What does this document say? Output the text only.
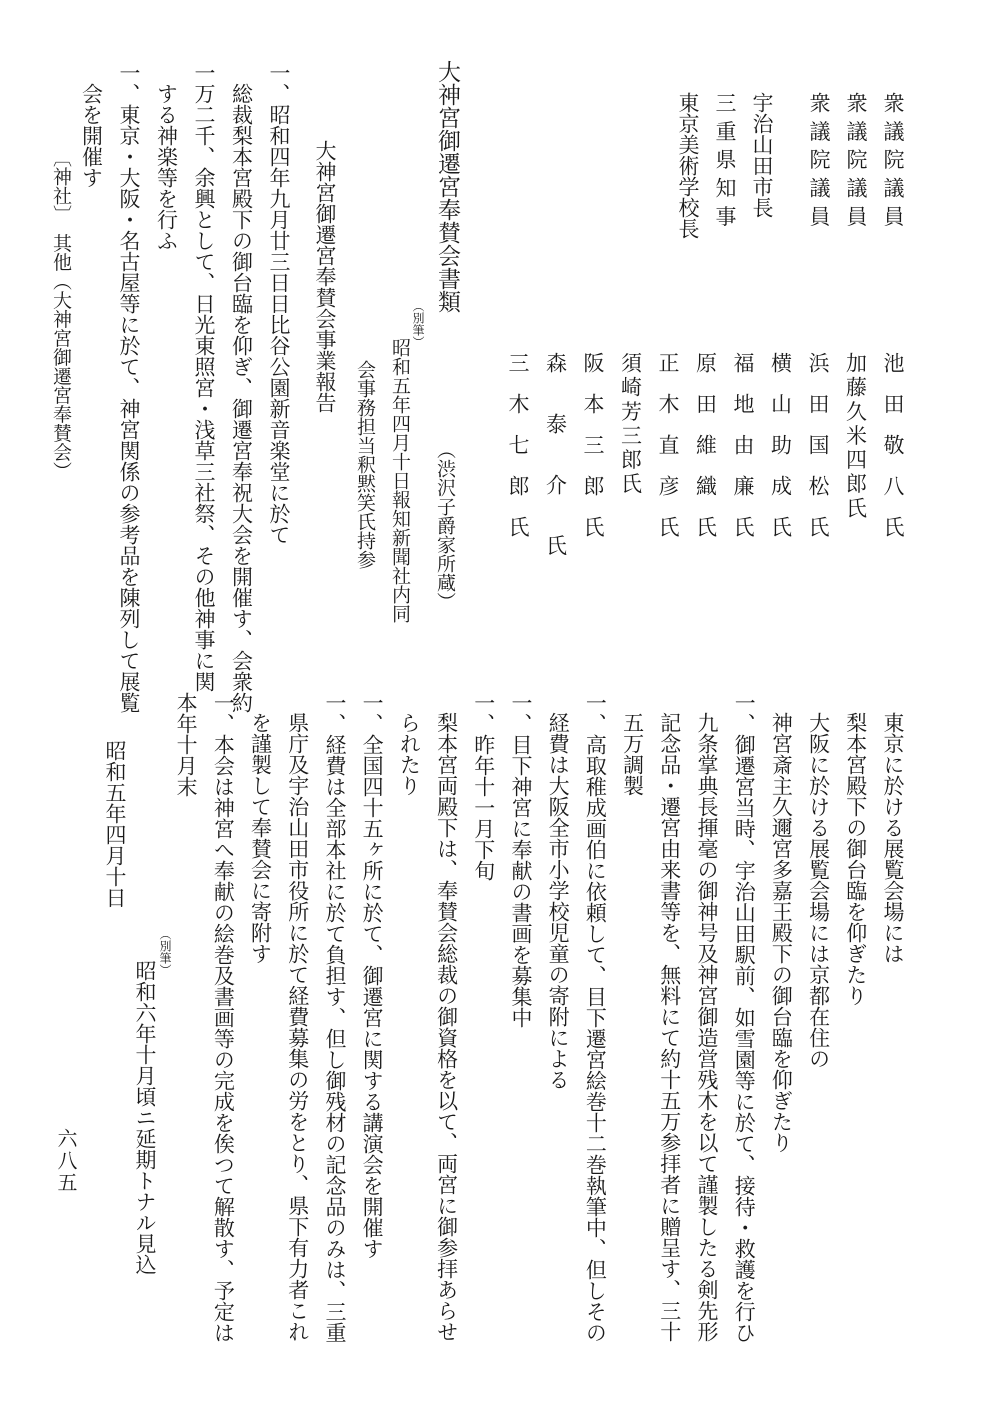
衆議院議員
衆議院議員
衆議院議員
宇治山田市長
三重県知事
東京美術学校長
池田敬八氏
加藤久米四郎氏
浜田国松氏
横山助成氏
福地由廉氏
原田維織氏
正木直彦氏
須崎芳三郎氏
阪本三郎氏
森泰介氏
三木七郎氏
大神宮御遷宮奉賛会書類
（渋沢子爵家所蔵）
（別筆）
昭和五年四月十日報知新聞社内同
会事務担当釈黙笑氏持参
大神宮御遷宮奉賛会事業報告
一、昭和四年九月廿三日日比谷公園新音楽堂に於て
総裁梨本宮殿下の御台臨を仰ぎ、御遷宮奉祝大会を開催す、会衆約
一万二千、余興として、日光東照宮・浅草三社祭、その他神事に関
する神楽等を行ふ
一、東京・大阪・名古屋等に於て、神宮関係の参考品を陳列して展覧
会を開催す
〔神社〕　其他（大神宮御遷宮奉賛会）
東京に於ける展覧会場には
梨本宮殿下の御台臨を仰ぎたり
大阪に於ける展覧会場には京都在住の
神宮斎主久邇宮多嘉王殿下の御台臨を仰ぎたり
一、御遷宮当時、宇治山田駅前、如雪園等に於て、接待・救護を行ひ
九条掌典長揮毫の御神号及神宮御造営残木を以て謹製したる剣先形
記念品・遷宮由来書等を、無料にて約十五万参拝者に贈呈す、三十
五万調製
一、高取稚成画伯に依頼して、目下遷宮絵巻十二巻執筆中、但しその
経費は大阪全市小学校児童の寄附による
一、目下神宮に奉献の書画を募集中
一、昨年十一月下旬
梨本宮両殿下は、奉賛会総裁の御資格を以て、両宮に御参拝あらせ
られたり
一、全国四十五ヶ所に於て、御遷宮に関する講演会を開催す
一、経費は全部本社に於て負担す、但し御残材の記念品のみは、三重
県庁及宇治山田市役所に於て経費募集の労をとり、県下有力者これ
を謹製して奉賛会に寄附す
一、本会は神宮へ奉献の絵巻及書画等の完成を俟つて解散す、予定は
本年十月末
（別筆）
昭和六年十月頃ニ延期トナル見込
昭和五年四月十日
六八五
